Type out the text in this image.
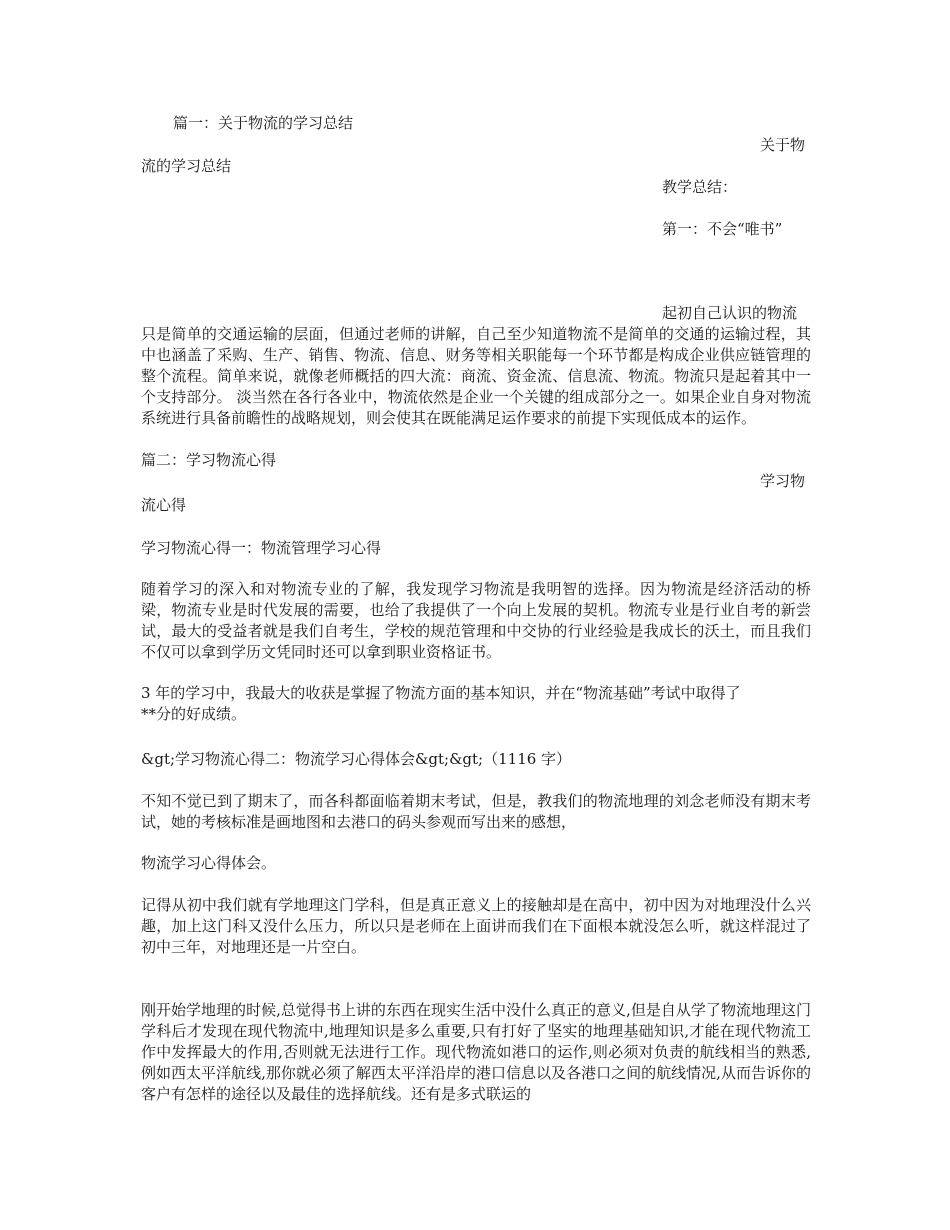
篇一：关于物流的学习总结
关于物
流的学习总结
教学总结：
第一：不会“唯书”
起初自己认识的物流
只是简单的交通运输的层面，但通过老师的讲解，自己至少知道物流不是简单的交通的运输过程，其中也涵盖了采购、生产、销售、物流、信息、财务等相关职能每一个环节都是构成企业供应链管理的整个流程。简单来说，就像老师概括的四大流：商流、资金流、信息流、物流。物流只是起着其中一个支持部分。 淡当然在各行各业中，物流依然是企业一个关键的组成部分之一。如果企业自身对物流系统进行具备前瞻性的战略规划，则会使其在既能满足运作要求的前提下实现低成本的运作。
篇二：学习物流心得
学习物
流心得
学习物流心得一：物流管理学习心得
随着学习的深入和对物流专业的了解，我发现学习物流是我明智的选择。因为物流是经济活动的桥梁，物流专业是时代发展的需要，也给了我提供了一个向上发展的契机。物流专业是行业自考的新尝试，最大的受益者就是我们自考生，学校的规范管理和中交协的行业经验是我成长的沃土，而且我们不仅可以拿到学历文凭同时还可以拿到职业资格证书。
3 年的学习中，我最大的收获是掌握了物流方面的基本知识，并在“物流基础”考试中取得了
**分的好成绩。
&gt;学习物流心得二：物流学习心得体会&gt;&gt;（1116 字）
不知不觉已到了期末了，而各科都面临着期末考试，但是，教我们的物流地理的刘念老师没有期末考试，她的考核标准是画地图和去港口的码头参观而写出来的感想，
物流学习心得体会。
记得从初中我们就有学地理这门学科，但是真正意义上的接触却是在高中，初中因为对地理没什么兴趣，加上这门科又没什么压力，所以只是老师在上面讲而我们在下面根本就没怎么听，就这样混过了初中三年，对地理还是一片空白。
刚开始学地理的时候,总觉得书上讲的东西在现实生活中没什么真正的意义,但是自从学了物流地理这门学科后才发现在现代物流中,地理知识是多么重要,只有打好了坚实的地理基础知识,才能在现代物流工作中发挥最大的作用,否则就无法进行工作。现代物流如港口的运作,则必须对负责的航线相当的熟悉,例如西太平洋航线,那你就必须了解西太平洋沿岸的港口信息以及各港口之间的航线情况,从而告诉你的客户有怎样的途径以及最佳的选择航线。还有是多式联运的
